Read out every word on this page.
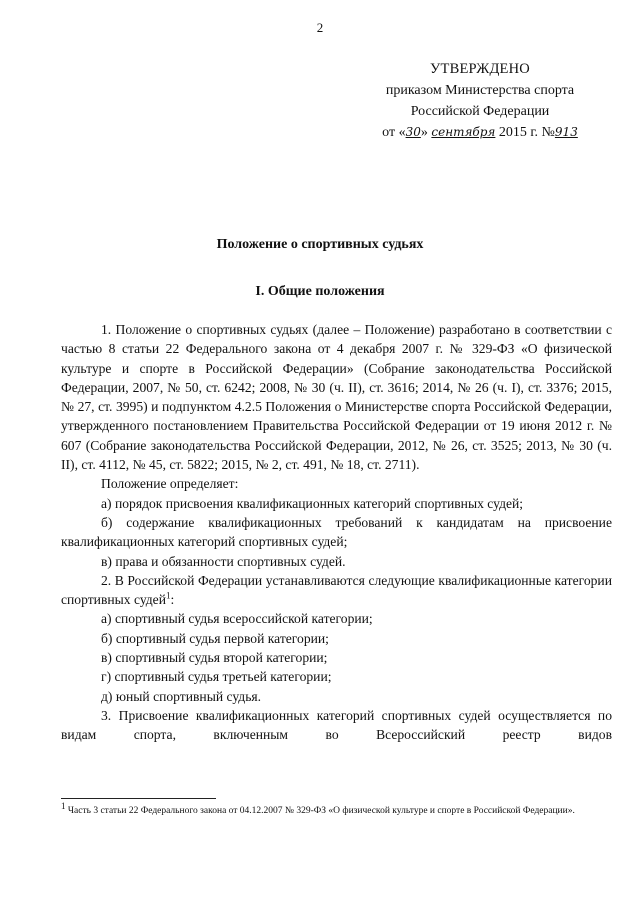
2
УТВЕРЖДЕНО
приказом Министерства спорта
Российской Федерации
от «30» сентября 2015 г. №913
Положение о спортивных судьях
I. Общие положения

1. Положение о спортивных судьях (далее – Положение) разработано в соответствии с частью 8 статьи 22 Федерального закона от 4 декабря 2007 г. № 329-ФЗ «О физической культуре и спорте в Российской Федерации» (Собрание законодательства Российской Федерации, 2007, № 50, ст. 6242; 2008, № 30 (ч. II), ст. 3616; 2014, № 26 (ч. I), ст. 3376; 2015, № 27, ст. 3995) и подпунктом 4.2.5 Положения о Министерстве спорта Российской Федерации, утвержденного постановлением Правительства Российской Федерации от 19 июня 2012 г. № 607 (Собрание законодательства Российской Федерации, 2012, № 26, ст. 3525; 2013, № 30 (ч. II), ст. 4112, № 45, ст. 5822; 2015, № 2, ст. 491, № 18, ст. 2711).

Положение определяет:

а) порядок присвоения квалификационных категорий спортивных судей;

б) содержание квалификационных требований к кандидатам на присвоение квалификационных категорий спортивных судей;

в) права и обязанности спортивных судей.

2. В Российской Федерации устанавливаются следующие квалификационные категории спортивных судей$^1$:

а) спортивный судья всероссийской категории;

б) спортивный судья первой категории;

в) спортивный судья второй категории;

г) спортивный судья третьей категории;

д) юный спортивный судья.

3. Присвоение квалификационных категорий спортивных судей осуществляется по видам спорта, включенным во Всероссийский реестр видов

$^1$ Часть 3 статьи 22 Федерального закона от 04.12.2007 № 329-ФЗ «О физической культуре и спорте в Российской Федерации».
